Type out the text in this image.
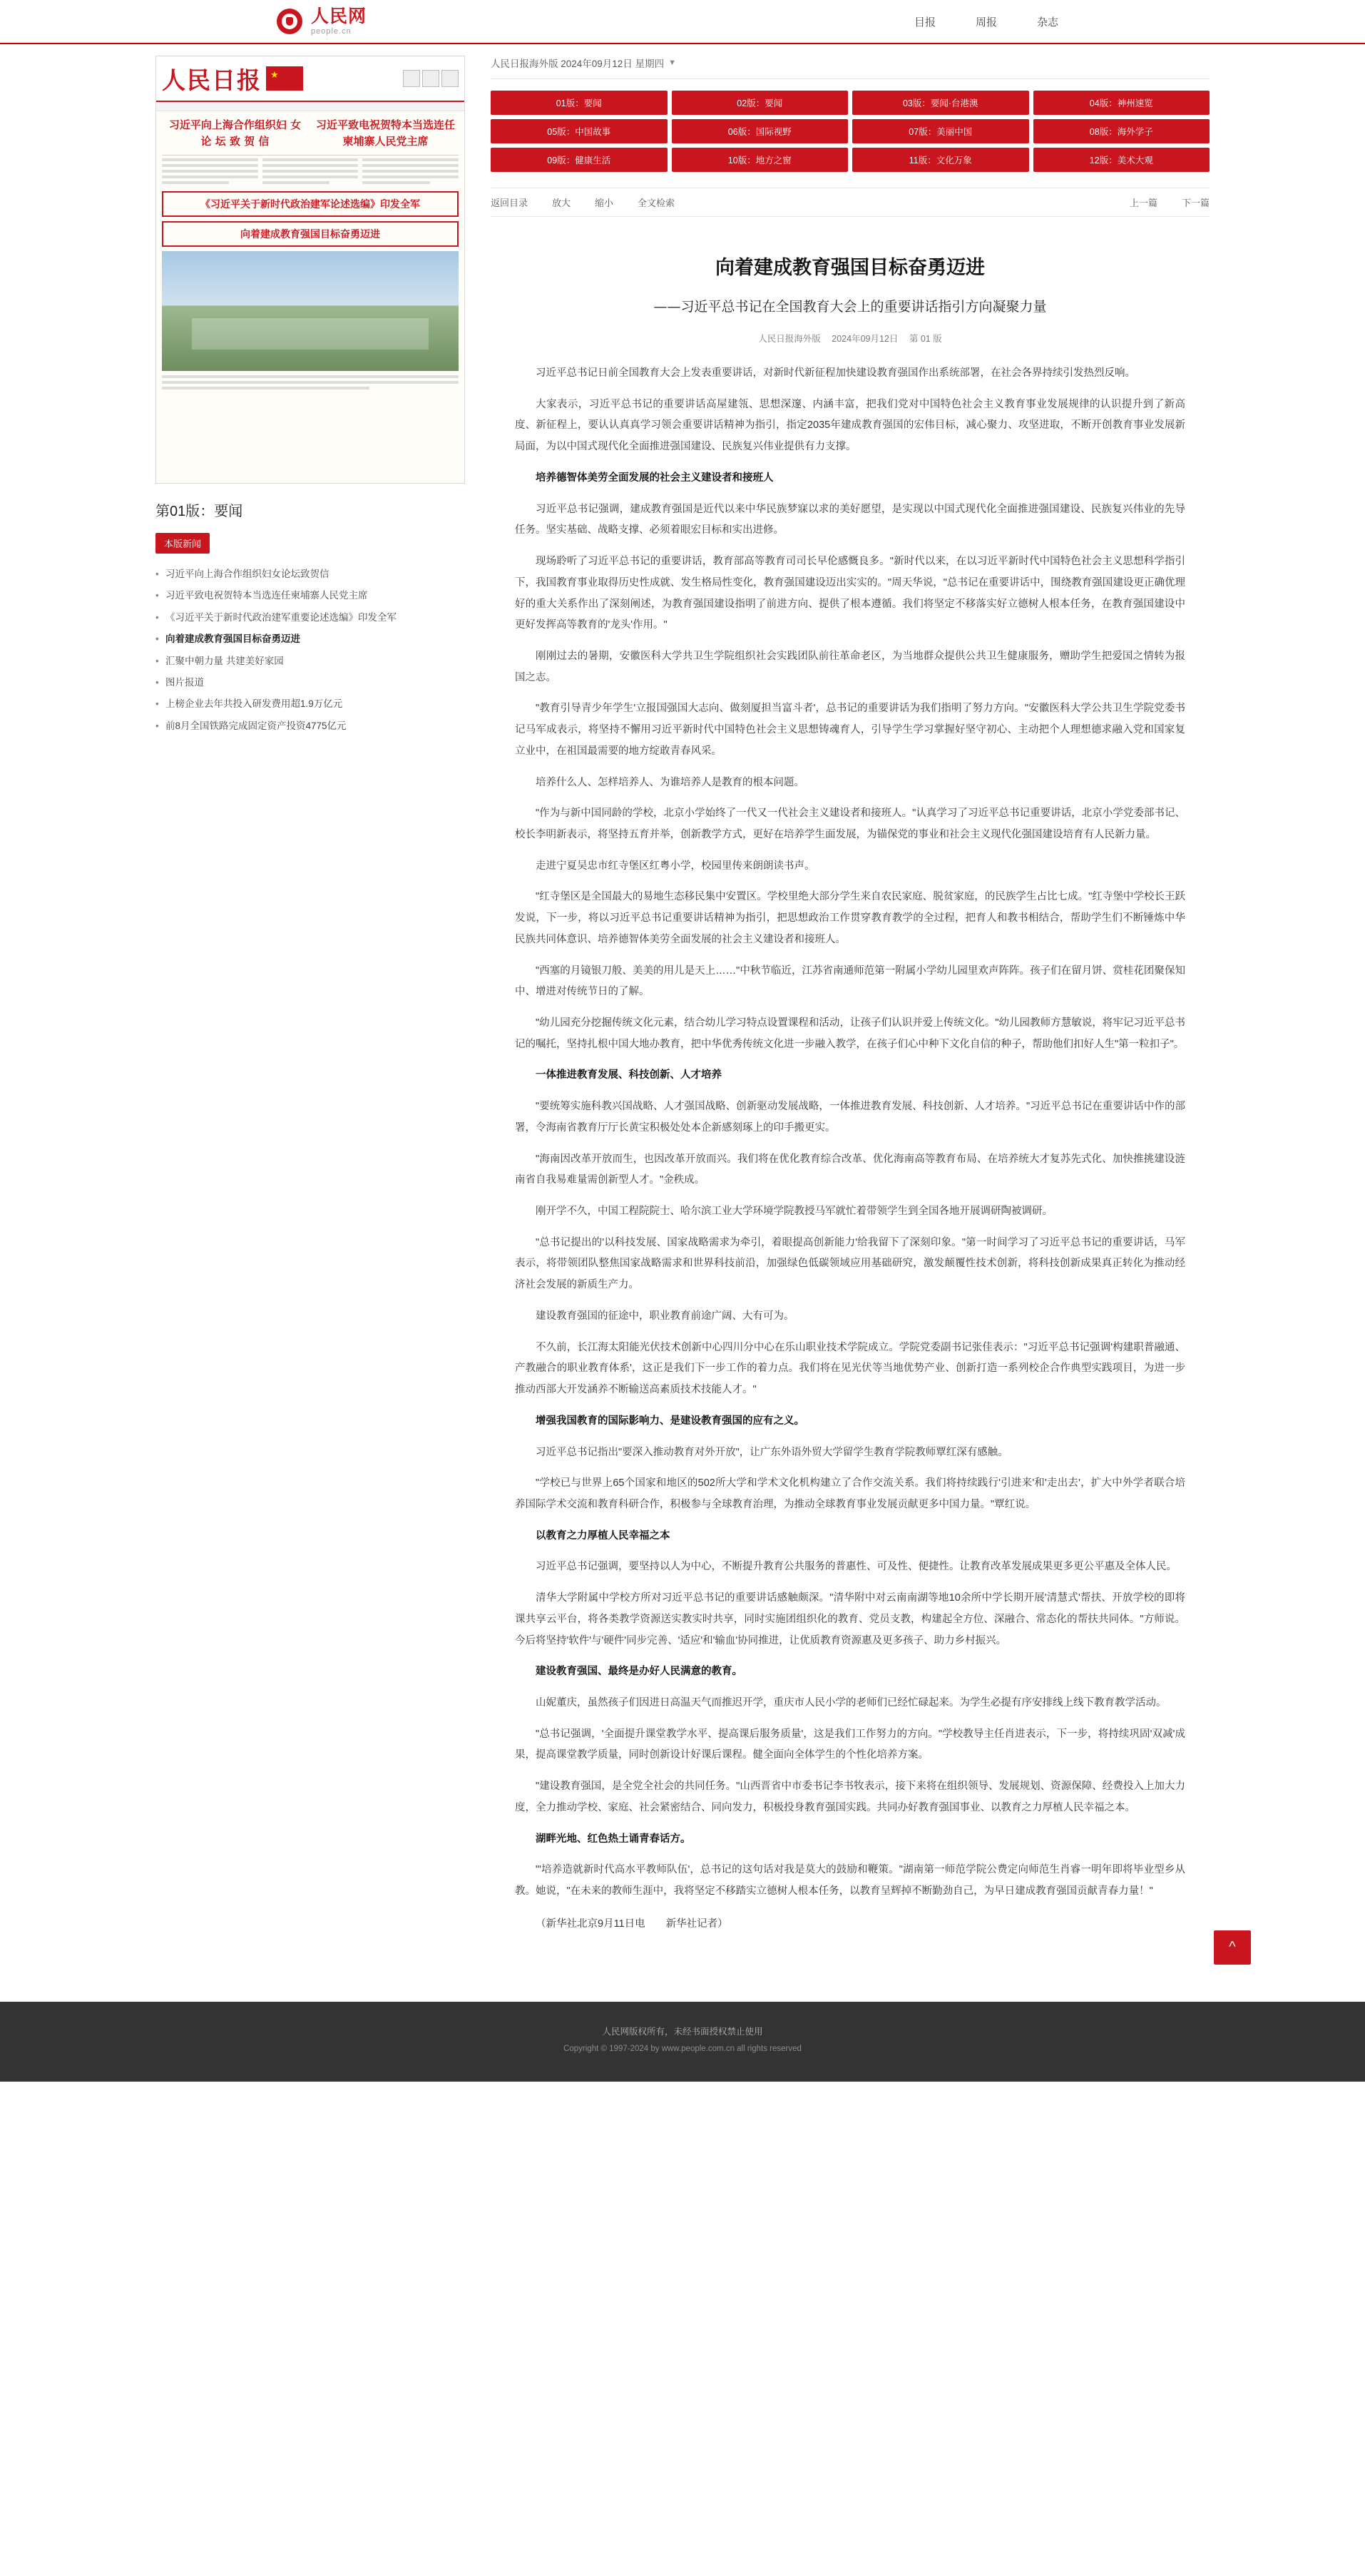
人民网
people.cn
目报	周报	杂志
人民日报
★
习近平向上海合作组织妇 女 论 坛 致 贺 信
习近平致电祝贺特本当选连任柬埔寨人民党主席
《习近平关于新时代政治建军论述选编》印发全军
向着建成教育强国目标奋勇迈进
第01版：要闻
本版新闻
• 习近平向上海合作组织妇女论坛致贺信
• 习近平致电祝贺特本当选连任柬埔寨人民党主席
• 《习近平关于新时代政治建军重要论述选编》印发全军
• 向着建成教育强国目标奋勇迈进
• 汇聚中朝力量 共建美好家园
• 图片报道
• 上榜企业去年共投入研发费用超1.9万亿元
• 前8月全国铁路完成固定资产投资4775亿元
人民日报海外版 2024年09月12日 星期四 ▼
01版：要闻	02版：要闻	03版：要闻·台港澳	04版：神州速览
05版：中国故事	06版：国际视野	07版：美丽中国	08版：海外学子
09版：健康生活	10版：地方之窗	11版：文化万象	12版：美术大观
返回目录	放大	缩小	全文检索	上一篇	下一篇
向着建成教育强国目标奋勇迈进
——习近平总书记在全国教育大会上的重要讲话指引方向凝聚力量
人民日报海外版 2024年09月12日 第 01 版

习近平总书记日前全国教育大会上发表重要讲话，对新时代新征程加快建设教育强国作出系统部署，在社会各界持续引发热烈反响。

大家表示，习近平总书记的重要讲话高屋建瓴、思想深邃、内涵丰富，把我们党对中国特色社会主义教育事业发展规律的认识提升到了新高度、新征程上，要认认真真学习领会重要讲话精神为指引，指定2035年建成教育强国的宏伟目标，减心聚力、攻坚进取，不断开创教育事业发展新局面，为以中国式现代化全面推进强国建设、民族复兴伟业提供有力支撑。

培养德智体美劳全面发展的社会主义建设者和接班人

习近平总书记强调，建成教育强国是近代以来中华民族梦寐以求的美好愿望，是实现以中国式现代化全面推进强国建设、民族复兴伟业的先导任务。坚实基础、战略支撑、必须着眼宏目标和实出进修。

现场聆听了习近平总书记的重要讲话，教育部高等教育司司长早伦感慨良多。"新时代以来，在以习近平新时代中国特色社会主义思想科学指引下，我国教育事业取得历史性成就、发生格局性变化，教育强国建设迈出实实的。"周天华说，"总书记在重要讲话中，围绕教育强国建设更正确优理好的重大关系作出了深刻阐述，为教育强国建设指明了前进方向、提供了根本遵循。我们将坚定不移落实好立德树人根本任务，在教育强国建设中更好发挥高等教育的'龙头'作用。"

刚刚过去的暑期，安徽医科大学共卫生学院组织社会实践团队前往革命老区，为当地群众提供公共卫生健康服务，赠助学生把爱国之情转为报国之志。

"教育引导青少年学生'立报国强国大志向、做刻厦担当富斗者'，总书记的重要讲话为我们指明了努力方向。"安徽医科大学公共卫生学院党委书记马军成表示，将坚持不懈用习近平新时代中国特色社会主义思想铸魂育人，引导学生学习掌握好坚守初心、主动把个人理想德求融入党和国家复立业中，在祖国最需要的地方绽敢青春风采。

培养什么人、怎样培养人、为谁培养人是教育的根本问题。

"作为与新中国同龄的学校，北京小学始终了一代又一代社会主义建设者和接班人。"认真学习了习近平总书记重要讲话，北京小学党委部书记、校长李明新表示，将坚持五育并举，创新教学方式，更好在培养学生面发展，为锚保党的事业和社会主义现代化强国建设培育有人民新力量。

走进宁夏吴忠市红寺堡区红粤小学，校园里传来朗朗读书声。

"红寺堡区是全国最大的易地生态移民集中安置区。学校里绝大部分学生来自农民家庭、脱贫家庭，的民族学生占比七成。"红寺堡中学校长王跃发说，下一步，将以习近平总书记重要讲话精神为指引，把思想政治工作贯穿教育教学的全过程，把育人和教书相结合，帮助学生们不断锤炼中华民族共同体意识、培养德智体美劳全面发展的社会主义建设者和接班人。

"西塞的月镜银刀般、美美的用儿是天上……"中秋节临近，江苏省南通师范第一附属小学幼儿园里欢声阵阵。孩子们在留月饼、赏桂花团聚保知中、增进对传统节日的了解。

"幼儿园充分挖掘传统文化元素，结合幼儿学习特点设置课程和活动，让孩子们认识并爱上传统文化。"幼儿园教师方慧敏说，将牢记习近平总书记的嘱托，坚持扎根中国大地办教育，把中华优秀传统文化进一步融入教学，在孩子们心中种下文化自信的种子，帮助他们扣好人生"第一粒扣子"。

一体推进教育发展、科技创新、人才培养

"要统筹实施科教兴国战略、人才强国战略、创新驱动发展战略，一体推进教育发展、科技创新、人才培养。"习近平总书记在重要讲话中作的部署，令海南省教育厅厅长黄宝积极处处本企新感刻琢上的印手搬更实。

"海南因改革开放而生，也因改革开放而兴。我们将在优化教育综合改革、优化海南高等教育布局、在培养统大才复苏先式化、加快推挑建设涟南省自我易难量需创新型人才。"金秩成。

刚开学不久，中国工程院院士、哈尔滨工业大学环境学院教授马军就忙着带领学生到全国各地开展调研陶被调研。

"总书记提出的'以科技发展、国家战略需求为牵引，着眼提高创新能力'给我留下了深刻印象。"第一时间学习了习近平总书记的重要讲话，马军表示，将带领团队整焦国家战略需求和世界科技前沿，加强绿色低碳领域应用基础研究，激发颠覆性技术创新，将科技创新成果真正转化为推动经济社会发展的新质生产力。

建设教育强国的征途中，职业教育前途广阔、大有可为。

不久前，长江海太阳能光伏技术创新中心四川分中心在乐山职业技术学院成立。学院党委副书记张佳表示："习近平总书记强调'构建职普融通、产教融合的职业教育体系'，这正是我们下一步工作的着力点。我们将在见光伏等当地优势产业、创新打造一系列校企合作典型实践项目，为进一步推动西部大开发涵养不断输送高素质技术技能人才。"

增强我国教育的国际影响力、是建设教育强国的应有之义。

习近平总书记指出"要深入推动教育对外开放"，让广东外语外贸大学留学生教育学院教师覃红深有感触。

"学校已与世界上65个国家和地区的502所大学和学术文化机构建立了合作交流关系。我们将持续践行'引进来'和'走出去'，扩大中外学者联合培养国际学术交流和教育科研合作，积极参与全球教育治理，为推动全球教育事业发展贡献更多中国力量。"覃红说。

以教育之力厚植人民幸福之本

习近平总书记强调，要坚持以人为中心，不断提升教育公共服务的普惠性、可及性、便捷性。让教育改革发展成果更多更公平惠及全体人民。

清华大学附属中学校方所对习近平总书记的重要讲话感触颇深。"清华附中对云南南湖等地10余所中学长期开展'清慧式'帮扶、开放学校的即将课共享云平台，将各类教学资源送实教实时共享，同时实施团组织化的教育、党员支教，构建起全方位、深融合、常态化的帮扶共同体。"方师说。今后将坚持'软件'与'硬件'同步完善、'适应'和'输血'协同推进，让优质教育资源惠及更多孩子、助力乡村振兴。

建设教育强国、最终是办好人民满意的教育。

山妮董庆，虽然孩子们因进日高温天气而推迟开学，重庆市人民小学的老师们已经忙碌起来。为学生必提有序安排线上线下教育教学活动。

"总书记强调，'全面提升课堂教学水平、提高课后服务质量'，这是我们工作努力的方向。"学校教导主任肖进表示，下一步，将持续巩固'双减'成果，提高课堂教学质量，同时创新设计好课后课程。健全面向全体学生的个性化培养方案。

"建设教育强国，是全党全社会的共同任务。"山西晋省中市委书记李书牧表示，接下来将在组织领导、发展规划、资源保障、经费投入上加大力度，全力推动学校、家庭、社会紧密结合、同向发力，积极投身教育强国实践。共同办好教育强国事业、以教育之力厚植人民幸福之本。

湖畔光地、红色热土诵青春话方。

"'培养造就新时代高水平教师队伍'，总书记的这句话对我是莫大的鼓励和鞭策。"湖南第一师范学院公费定向师范生肖睿一明年即将毕业型乡从教。她说，"在未来的教师生涯中，我将坚定不移踏实立德树人根本任务，以教育呈辉掉不断勤劲自己，为早日建成教育强国贡献青春力量！"

（新华社北京9月11日电　　新华社记者）
^
人民网版权所有，未经书面授权禁止使用
Copyright © 1997-2024 by www.people.com.cn all rights reserved
